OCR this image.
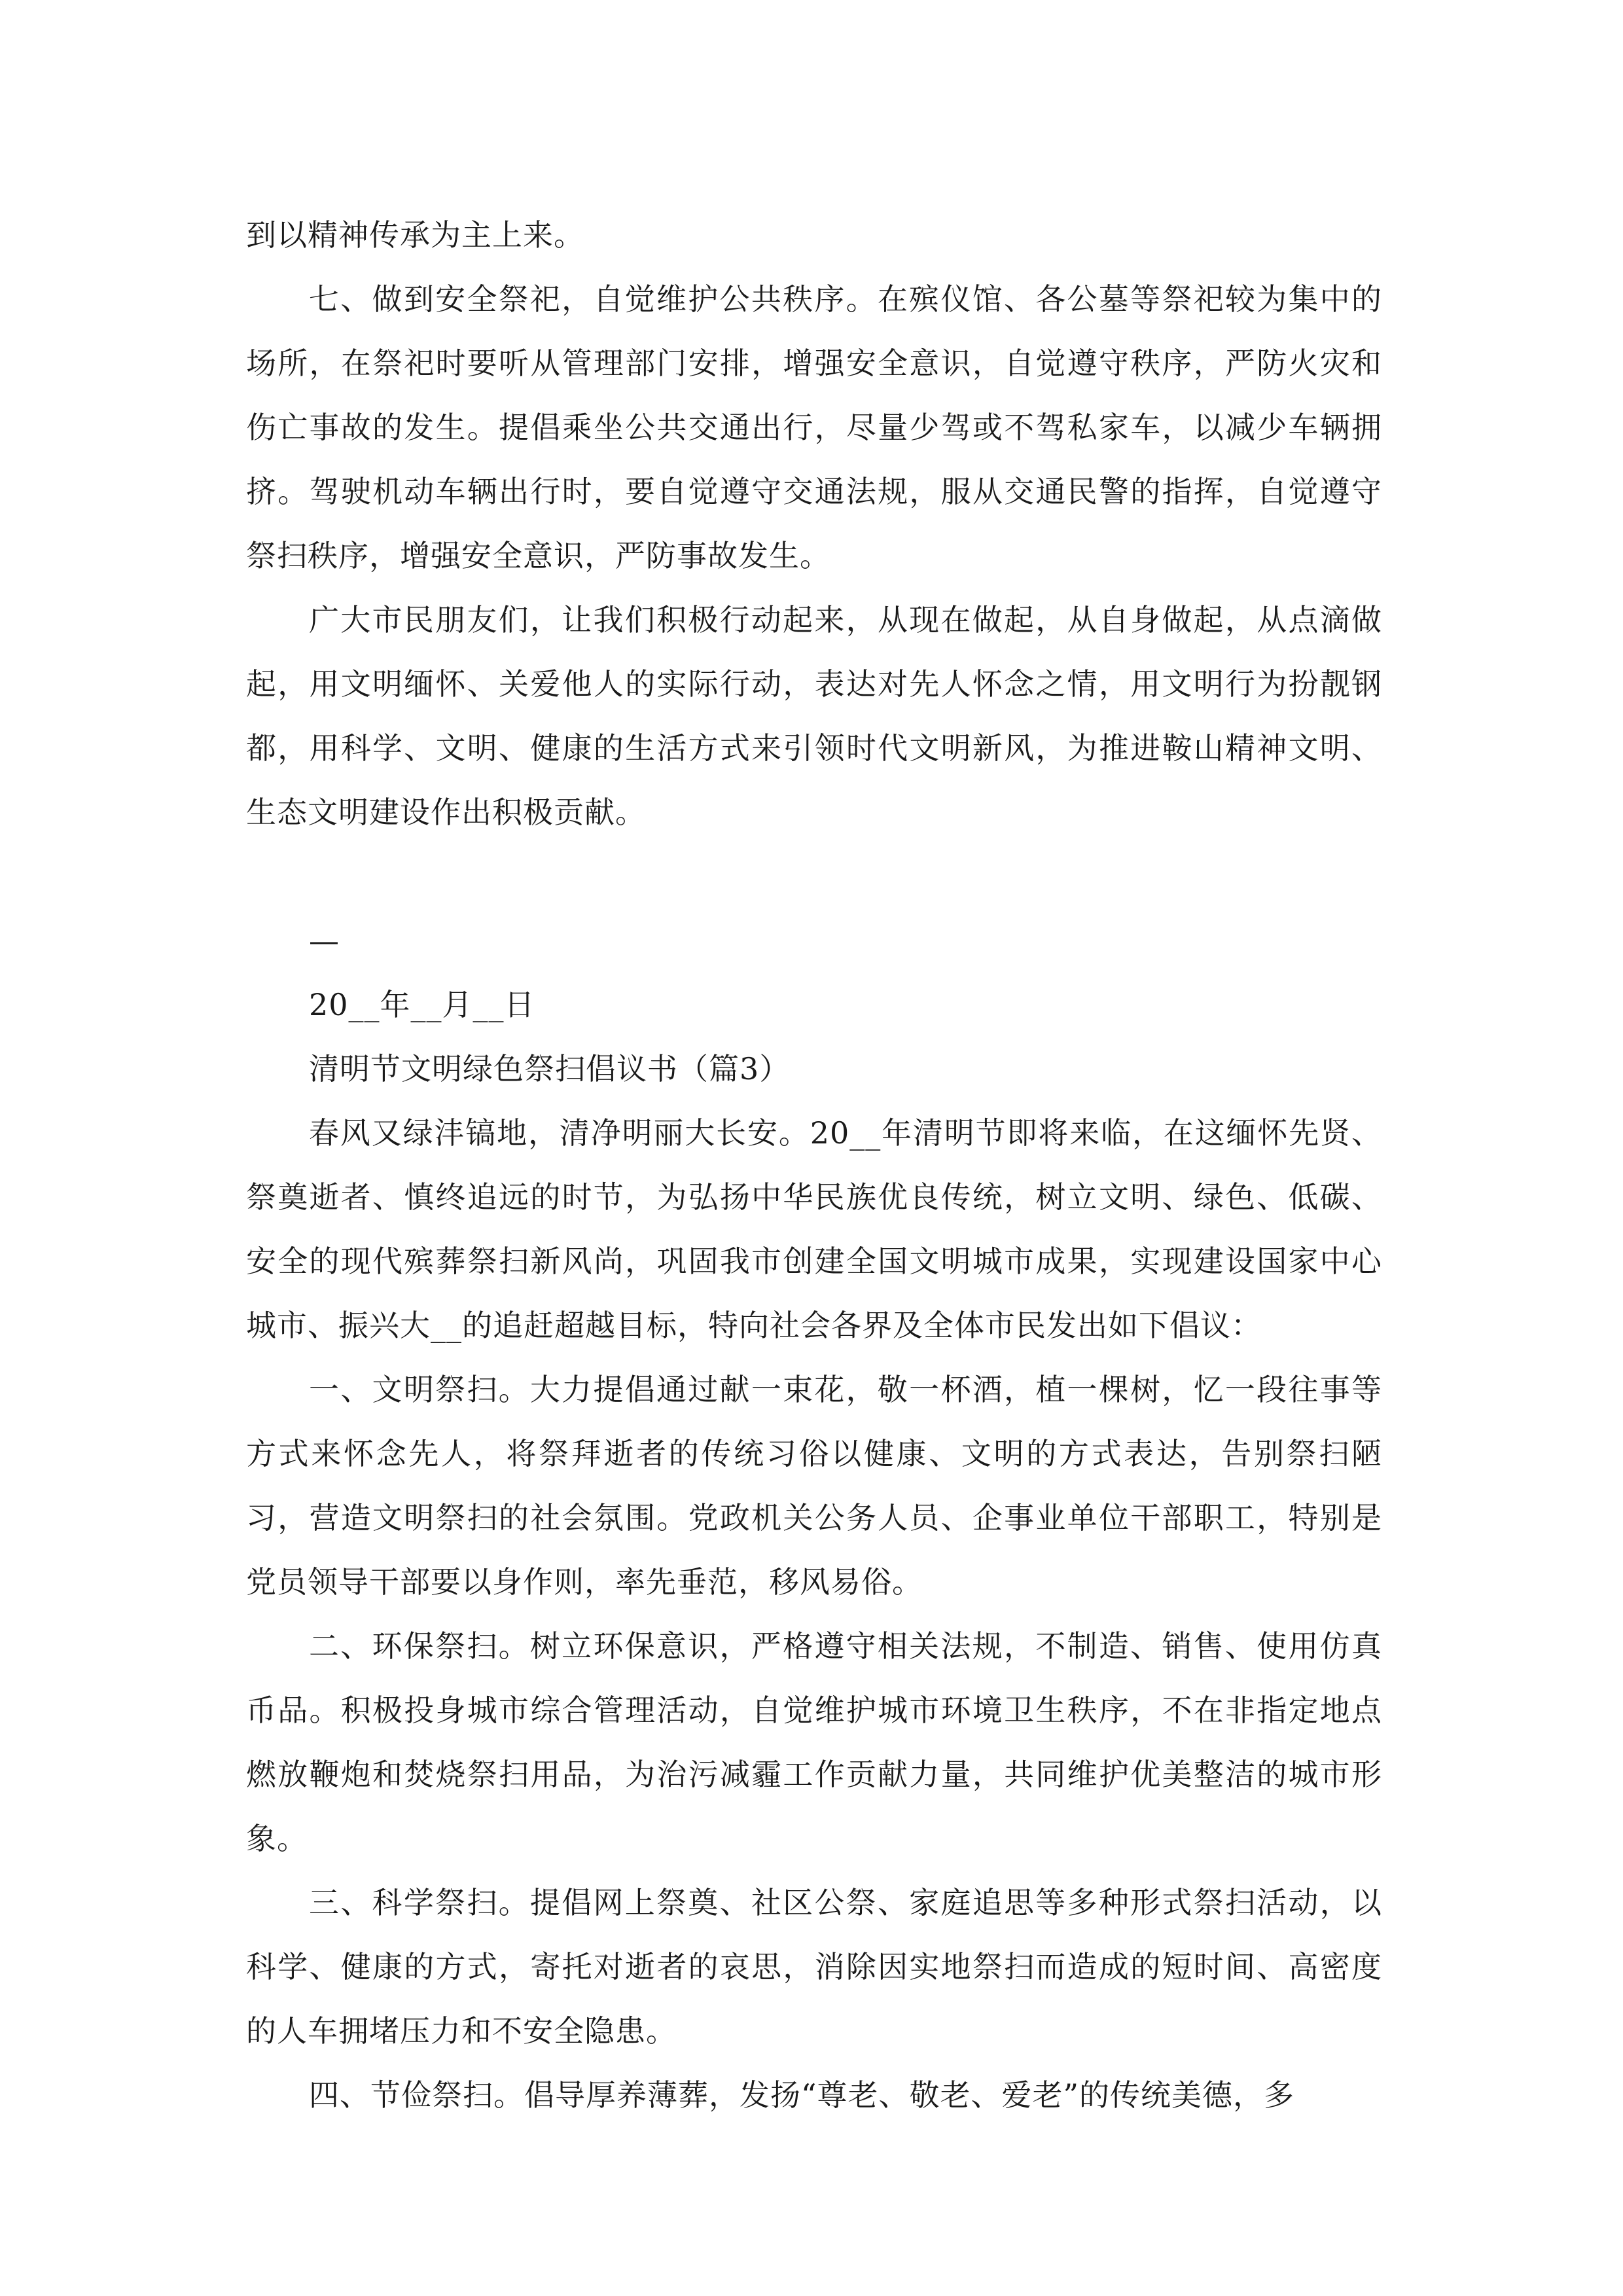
到以精神传承为主上来。

七、做到安全祭祀，自觉维护公共秩序。在殡仪馆、各公墓等祭祀较为集中的场所，在祭祀时要听从管理部门安排，增强安全意识，自觉遵守秩序，严防火灾和伤亡事故的发生。提倡乘坐公共交通出行，尽量少驾或不驾私家车，以减少车辆拥挤。驾驶机动车辆出行时，要自觉遵守交通法规，服从交通民警的指挥，自觉遵守祭扫秩序，增强安全意识，严防事故发生。

广大市民朋友们，让我们积极行动起来，从现在做起，从自身做起，从点滴做起，用文明缅怀、关爱他人的实际行动，表达对先人怀念之情，用文明行为扮靓钢都，用科学、文明、健康的生活方式来引领时代文明新风，为推进鞍山精神文明、生态文明建设作出积极贡献。

—

20__年__月__日

清明节文明绿色祭扫倡议书（篇3）

春风又绿沣镐地，清净明丽大长安。20__年清明节即将来临，在这缅怀先贤、祭奠逝者、慎终追远的时节，为弘扬中华民族优良传统，树立文明、绿色、低碳、安全的现代殡葬祭扫新风尚，巩固我市创建全国文明城市成果，实现建设国家中心城市、振兴大__的追赶超越目标，特向社会各界及全体市民发出如下倡议：

一、文明祭扫。大力提倡通过献一束花，敬一杯酒，植一棵树，忆一段往事等方式来怀念先人，将祭拜逝者的传统习俗以健康、文明的方式表达，告别祭扫陋习，营造文明祭扫的社会氛围。党政机关公务人员、企事业单位干部职工，特别是党员领导干部要以身作则，率先垂范，移风易俗。

二、环保祭扫。树立环保意识，严格遵守相关法规，不制造、销售、使用仿真币品。积极投身城市综合管理活动，自觉维护城市环境卫生秩序，不在非指定地点燃放鞭炮和焚烧祭扫用品，为治污减霾工作贡献力量，共同维护优美整洁的城市形象。

三、科学祭扫。提倡网上祭奠、社区公祭、家庭追思等多种形式祭扫活动，以科学、健康的方式，寄托对逝者的哀思，消除因实地祭扫而造成的短时间、高密度的人车拥堵压力和不安全隐患。

四、节俭祭扫。倡导厚养薄葬，发扬“尊老、敬老、爱老”的传统美德，多
